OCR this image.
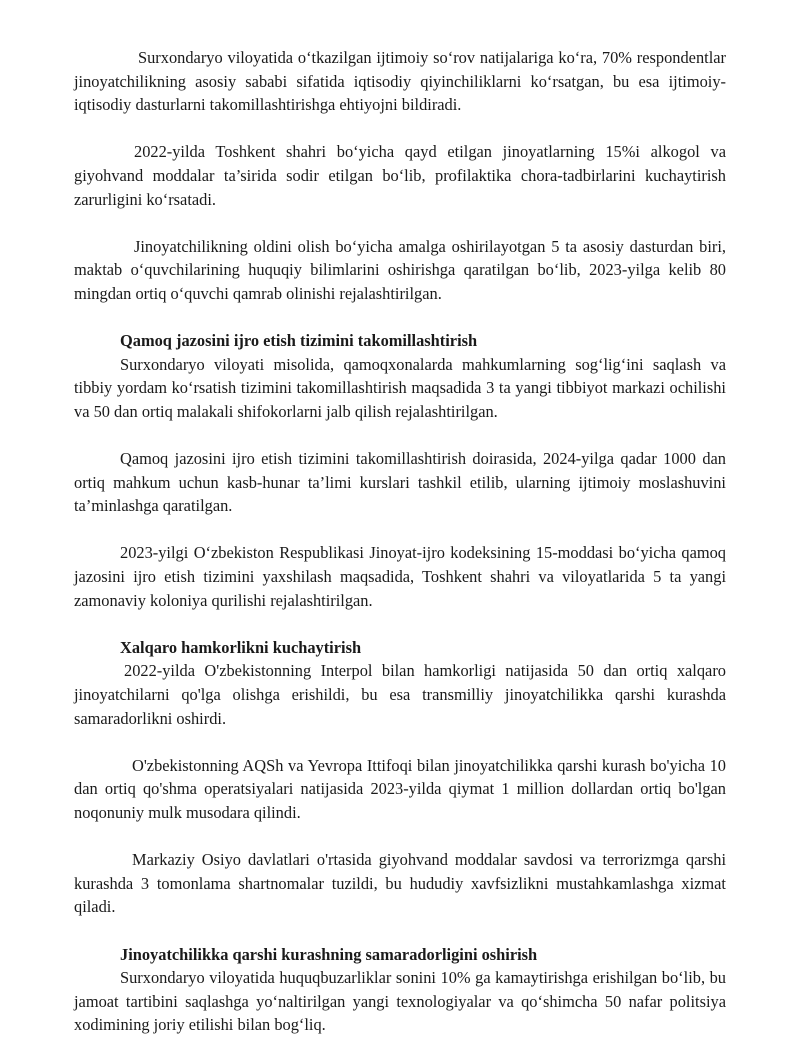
Surxondaryo viloyatida o‘tkazilgan ijtimoiy so‘rov natijalariga ko‘ra, 70% respondentlar jinoyatchilikning asosiy sababi sifatida iqtisodiy qiyinchiliklarni ko‘rsatgan, bu esa ijtimoiy-iqtisodiy dasturlarni takomillashtirishga ehtiyojni bildiradi.

2022-yilda Toshkent shahri bo‘yicha qayd etilgan jinoyatlarning 15%i alkogol va giyohvand moddalar ta’sirida sodir etilgan bo‘lib, profilaktika chora-tadbirlarini kuchaytirish zarurligini ko‘rsatadi.

Jinoyatchilikning oldini olish bo‘yicha amalga oshirilayotgan 5 ta asosiy dasturdan biri, maktab o‘quvchilarining huquqiy bilimlarini oshirishga qaratilgan bo‘lib, 2023-yilga kelib 80 mingdan ortiq o‘quvchi qamrab olinishi rejalashtirilgan.

Qamoq jazosini ijro etish tizimini takomillashtirish

Surxondaryo viloyati misolida, qamoqxonalarda mahkumlarning sog‘lig‘ini saqlash va tibbiy yordam ko‘rsatish tizimini takomillashtirish maqsadida 3 ta yangi tibbiyot markazi ochilishi va 50 dan ortiq malakali shifokorlarni jalb qilish rejalashtirilgan.

Qamoq jazosini ijro etish tizimini takomillashtirish doirasida, 2024-yilga qadar 1000 dan ortiq mahkum uchun kasb-hunar ta’limi kurslari tashkil etilib, ularning ijtimoiy moslashuvini ta’minlashga qaratilgan.

2023-yilgi O‘zbekiston Respublikasi Jinoyat-ijro kodeksining 15-moddasi bo‘yicha qamoq jazosini ijro etish tizimini yaxshilash maqsadida, Toshkent shahri va viloyatlarida 5 ta yangi zamonaviy koloniya qurilishi rejalashtirilgan.

Xalqaro hamkorlikni kuchaytirish

2022-yilda O'zbekistonning Interpol bilan hamkorligi natijasida 50 dan ortiq xalqaro jinoyatchilarni qo'lga olishga erishildi, bu esa transmilliy jinoyatchilikka qarshi kurashda samaradorlikni oshirdi.

O'zbekistonning AQSh va Yevropa Ittifoqi bilan jinoyatchilikka qarshi kurash bo'yicha 10 dan ortiq qo'shma operatsiyalari natijasida 2023-yilda qiymat 1 million dollardan ortiq bo'lgan noqonuniy mulk musodara qilindi.

Markaziy Osiyo davlatlari o'rtasida giyohvand moddalar savdosi va terrorizmga qarshi kurashda 3 tomonlama shartnomalar tuzildi, bu hududiy xavfsizlikni mustahkamlashga xizmat qiladi.

Jinoyatchilikka qarshi kurashning samaradorligini oshirish

Surxondaryo viloyatida huquqbuzarliklar sonini 10% ga kamaytirishga erishilgan bo‘lib, bu jamoat tartibini saqlashga yo‘naltirilgan yangi texnologiyalar va qo‘shimcha 50 nafar politsiya xodimining joriy etilishi bilan bog‘liq.
